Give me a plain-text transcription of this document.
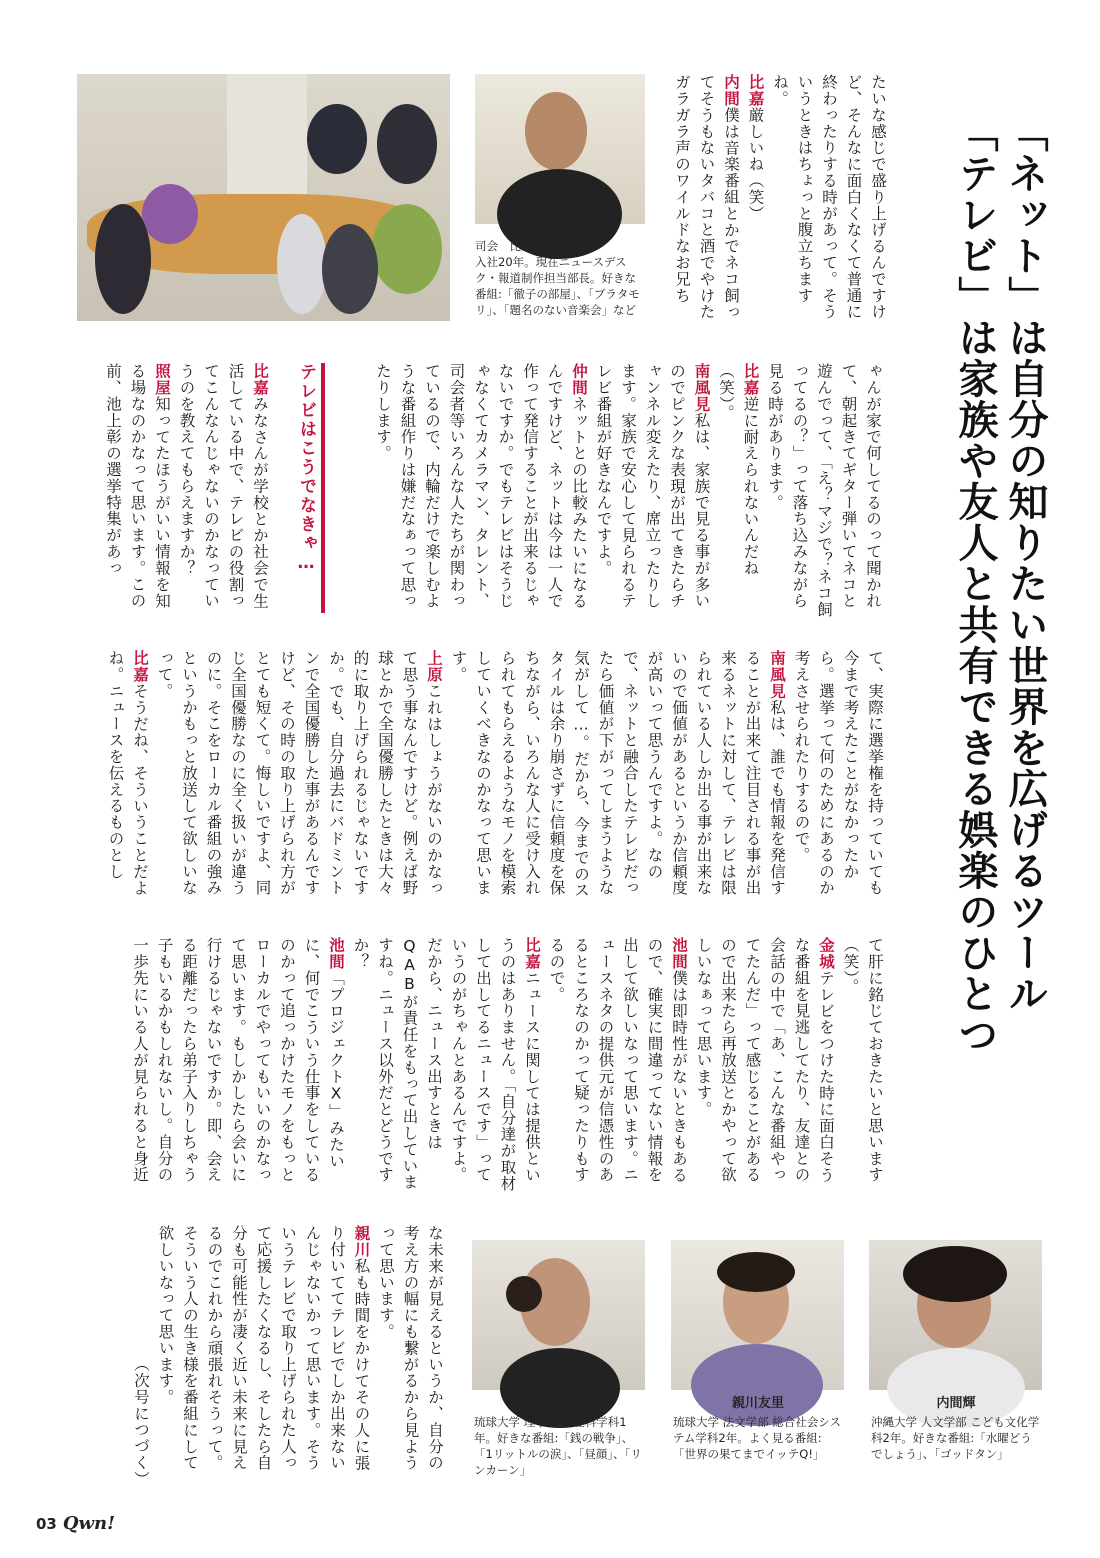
「ネット」は自分の知りたい世界を広げるツール
「テレビ」は家族や友人と共有できる娯楽のひとつ
司会　比嘉雅人
入社20年。現在ニュースデスク・報道制作担当部長。好きな番組:「徹子の部屋」、「ブラタモリ」、「題名のない音楽会」など
上原仁維斗
琉球大学 理学部 数理科学科1年。好きな番組:「銭の戦争」、「1リットルの涙」、「昼顔」、「リンカーン」
親川友里
琉球大学 法文学部 総合社会システム学科2年。よく見る番組:「世界の果てまでイッテQ!」
内間輝
沖縄大学 人文学部 こども文化学科2年。好きな番組:「水曜どうでしょう」、「ゴッドタン」
テレビはこうでなきゃ…
たいな感じで盛り上げるんですけど、そんなに面白くなくて普通に終わったりする時があって。そういうときはちょっと腹立ちますね。
比嘉厳しいね（笑）
内間僕は音楽番組とかでネコ飼ってそうもないタバコと酒でやけたガラガラ声のワイルドなお兄ち
ゃんが家で何してるのって聞かれて、朝起きてギター弾いてネコと遊んでって、「え？マジで？ネコ飼ってるの？」って落ち込みながら見る時があります。
比嘉逆に耐えられないんだね（笑）。
南風見私は、家族で見る事が多いのでピンクな表現が出てきたらチャンネル変えたり、席立ったりします。家族で安心して見られるテレビ番組が好きなんですよ。
仲間ネットとの比較みたいになるんですけど、ネットは今は一人で作って発信することが出来るじゃないですか。でもテレビはそうじゃなくてカメラマン、タレント、司会者等いろんな人たちが関わっているので、内輪だけで楽しむような番組作りは嫌だなぁって思ったりします。
比嘉みなさんが学校とか社会で生活している中で、テレビの役割ってこんなんじゃないのかなっていうのを教えてもらえますか？
照屋知ってたほうがいい情報を知る場なのかなって思います。この前、池上彰の選挙特集があっ
て、実際に選挙権を持っていても今まで考えたことがなかったから。選挙って何のためにあるのか考えさせられたりするので。
南風見私は、誰でも情報を発信することが出来て注目される事が出来るネットに対して、テレビは限られている人しか出る事が出来ないので価値があるというか信頼度が高いって思うんですよ。なので、ネットと融合したテレビだったら価値が下がってしまうような気がして…。だから、今までのスタイルは余り崩さずに信頼度を保ちながら、いろんな人に受け入れられてもらえるようなモノを模索していくべきなのかなって思います。
上原これはしょうがないのかなって思う事なんですけど。例えば野球とかで全国優勝したときは大々的に取り上げられるじゃないですか。でも、自分過去にバドミントンで全国優勝した事があるんですけど、その時の取り上げられ方がとても短くて。悔しいですよ、同じ全国優勝なのに全く扱いが違うのに。そこをローカル番組の強みというかもっと放送して欲しいなって。
比嘉そうだね、そういうことだよね。ニュースを伝えるものとし
て肝に銘じておきたいと思います（笑）。
金城テレビをつけた時に面白そうな番組を見逃してたり、友達との会話の中で「あ、こんな番組やってたんだ」って感じることがあるので出来たら再放送とかやって欲しいなぁって思います。
池間僕は即時性がないときもあるので、確実に間違ってない情報を出して欲しいなって思います。ニュースネタの提供元が信憑性のあるところなのかって疑ったりもするので。
比嘉ニュースに関しては提供というのはありません。「自分達が取材して出してるニュースです」っていうのがちゃんとあるんですよ。だから、ニュース出すときはQABが責任をもって出していますね。ニュース以外だとどうですか？
池間「プロジェクトX」みたいに、何でこういう仕事をしているのかって追っかけたモノをもっとローカルでやってもいいのかなって思います。もしかしたら会いに行けるじゃないですか。即、会える距離だったら弟子入りしちゃう子もいるかもしれないし。自分の一歩先にいる人が見られると身近
な未来が見えるというか、自分の考え方の幅にも繋がるから見ようって思います。
親川私も時間をかけてその人に張り付いててテレビでしか出来ないんじゃないかって思います。そういうテレビで取り上げられた人って応援したくなるし、そしたら自分も可能性が凄く近い未来に見えるのでこれから頑張れそうって。そういう人の生き様を番組にして欲しいなって思います。
（次号につづく）
03 Qwn!
